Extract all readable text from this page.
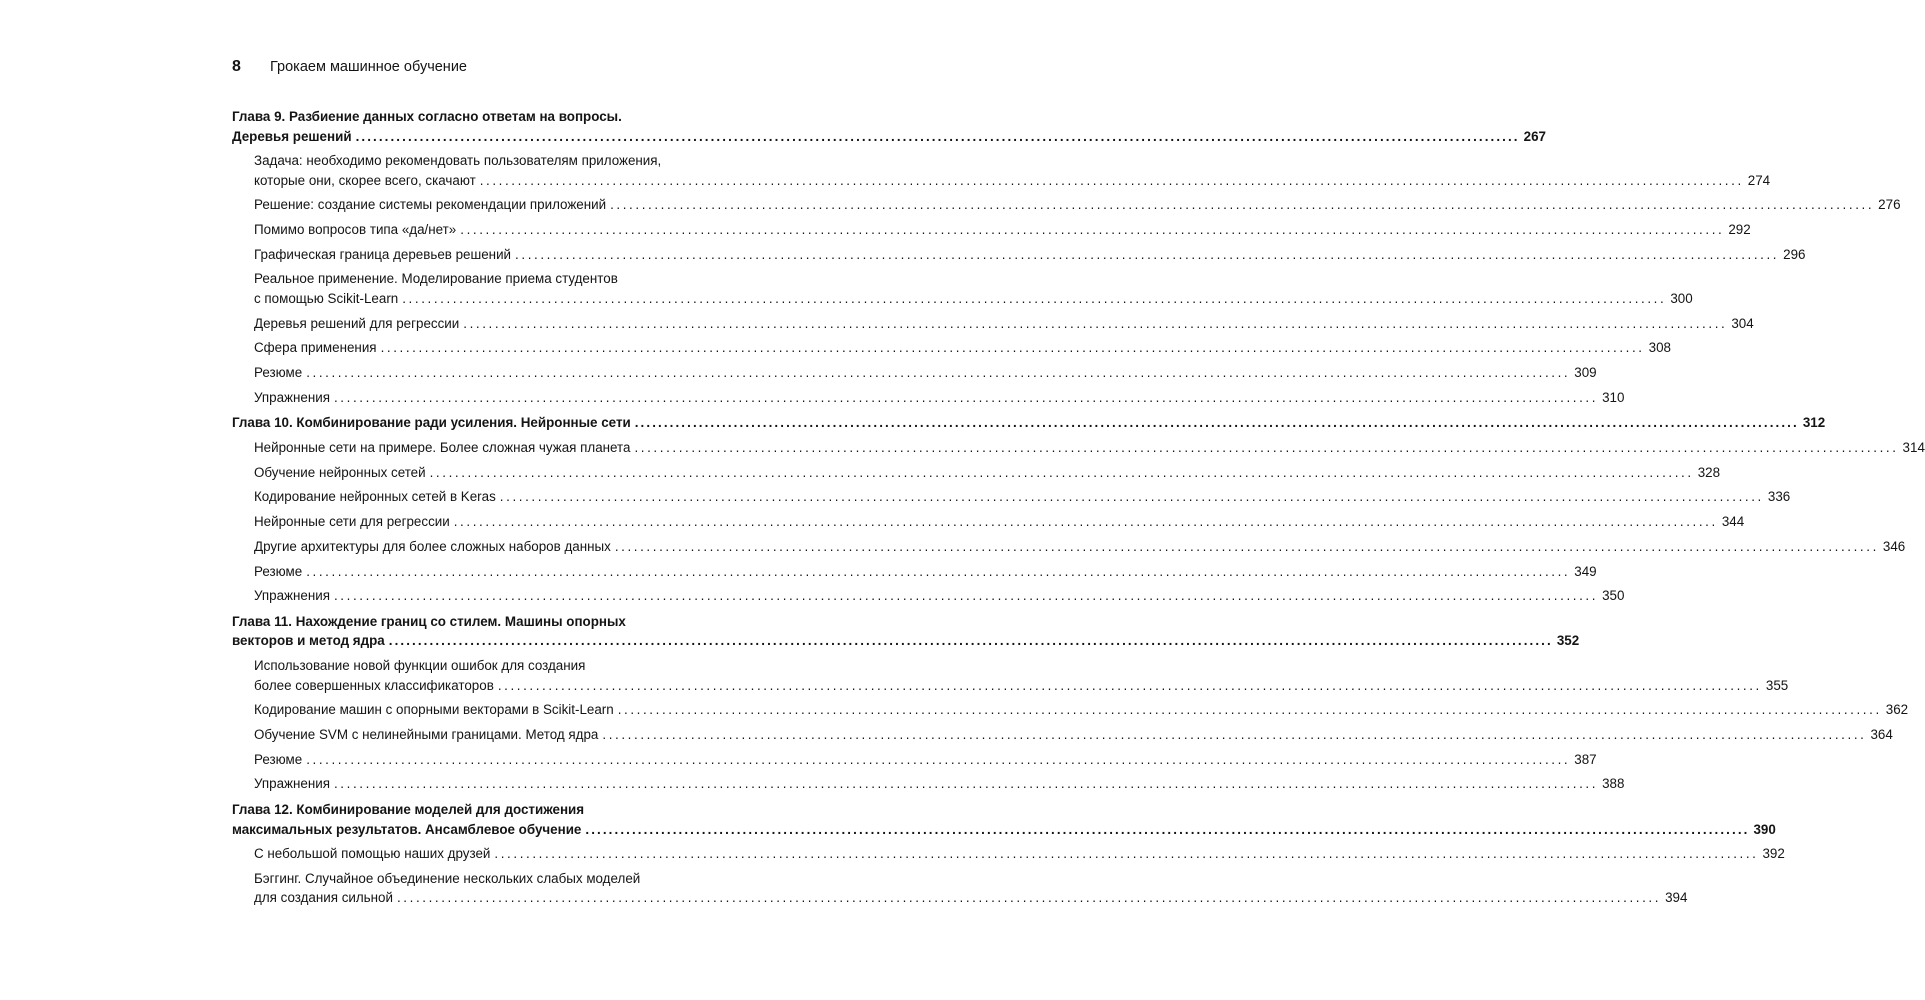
8	Грокаем машинное обучение
Глава 9. Разбиение данных согласно ответам на вопросы.
Деревья решений ........................................................................................................................................................................................................ 267
Задача: необходимо рекомендовать пользователям приложения,
которые они, скорее всего, скачают ........................................................................................................................................................................................................ 274
Решение: создание системы рекомендации приложений ........................................................................................................................................................................................................ 276
Помимо вопросов типа «да/нет» ........................................................................................................................................................................................................ 292
Графическая граница деревьев решений ........................................................................................................................................................................................................ 296
Реальное применение. Моделирование приема студентов
с помощью Scikit-Learn ........................................................................................................................................................................................................ 300
Деревья решений для регрессии ........................................................................................................................................................................................................ 304
Сфера применения ........................................................................................................................................................................................................ 308
Резюме ........................................................................................................................................................................................................ 309
Упражнения ........................................................................................................................................................................................................ 310
Глава 10. Комбинирование ради усиления. Нейронные сети ........................................................................................................................................................................................................ 312
Нейронные сети на примере. Более сложная чужая планета ........................................................................................................................................................................................................ 314
Обучение нейронных сетей ........................................................................................................................................................................................................ 328
Кодирование нейронных сетей в Keras ........................................................................................................................................................................................................ 336
Нейронные сети для регрессии ........................................................................................................................................................................................................ 344
Другие архитектуры для более сложных наборов данных ........................................................................................................................................................................................................ 346
Резюме ........................................................................................................................................................................................................ 349
Упражнения ........................................................................................................................................................................................................ 350
Глава 11. Нахождение границ со стилем. Машины опорных
векторов и метод ядра ........................................................................................................................................................................................................ 352
Использование новой функции ошибок для создания
более совершенных классификаторов ........................................................................................................................................................................................................ 355
Кодирование машин с опорными векторами в Scikit-Learn ........................................................................................................................................................................................................ 362
Обучение SVM с нелинейными границами. Метод ядра ........................................................................................................................................................................................................ 364
Резюме ........................................................................................................................................................................................................ 387
Упражнения ........................................................................................................................................................................................................ 388
Глава 12. Комбинирование моделей для достижения
максимальных результатов. Ансамблевое обучение ........................................................................................................................................................................................................ 390
С небольшой помощью наших друзей ........................................................................................................................................................................................................ 392
Бэггинг. Случайное объединение нескольких слабых моделей
для создания сильной ........................................................................................................................................................................................................ 394
